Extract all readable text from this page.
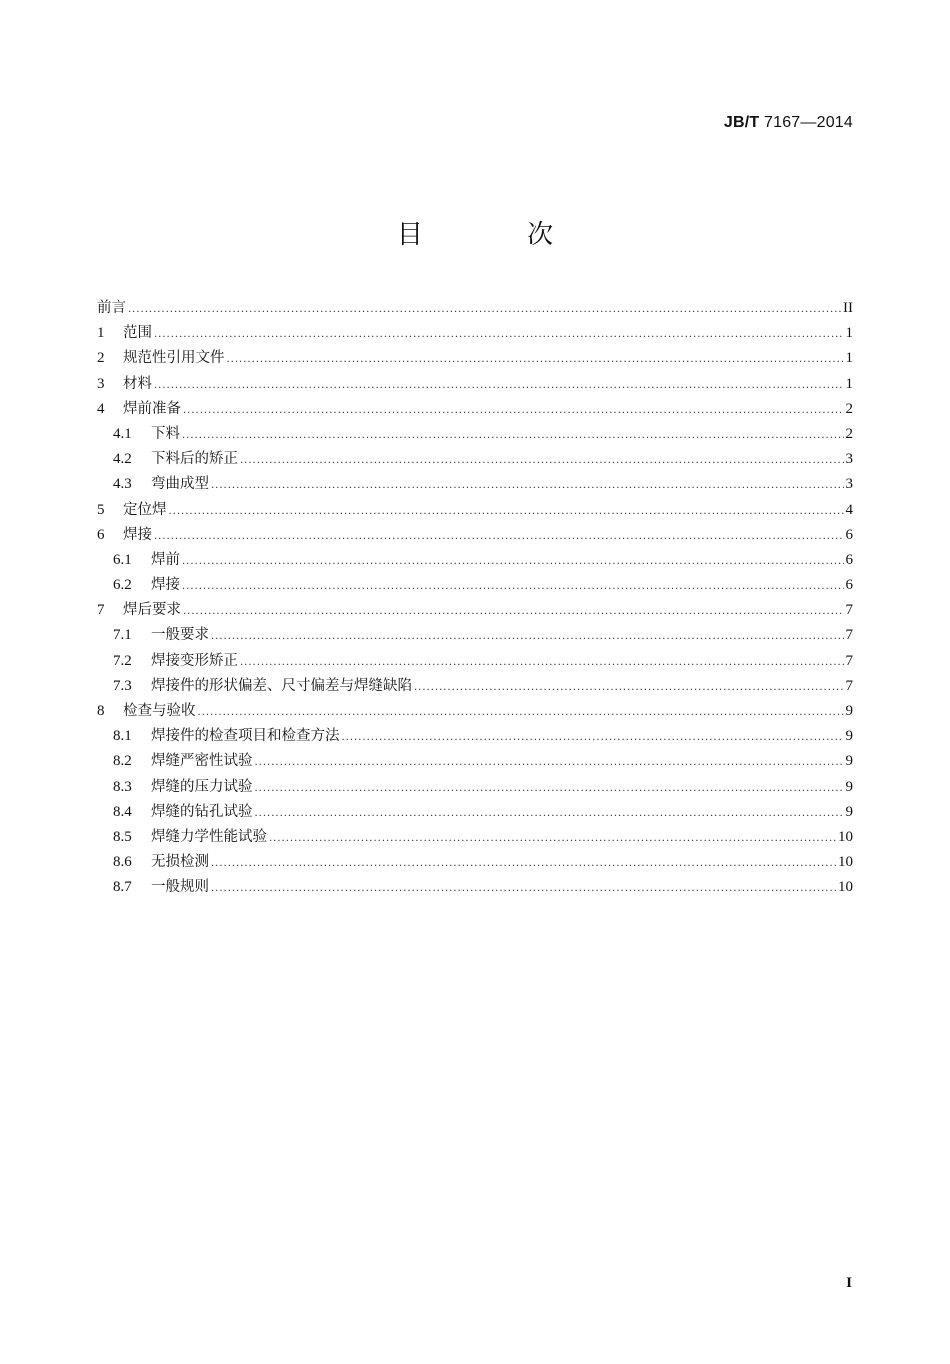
JB/T 7167—2014
目 次
前言 .....	II
1	范围 .....	1
2	规范性引用文件 .....	1
3	材料 .....	1
4	焊前准备 .....	2
4.1	下料 .....	2
4.2	下料后的矫正 .....	3
4.3	弯曲成型 .....	3
5	定位焊 .....	4
6	焊接 .....	6
6.1	焊前 .....	6
6.2	焊接 .....	6
7	焊后要求 .....	7
7.1	一般要求 .....	7
7.2	焊接变形矫正 .....	7
7.3	焊接件的形状偏差、尺寸偏差与焊缝缺陷 .....	7
8	检查与验收 .....	9
8.1	焊接件的检查项目和检查方法 .....	9
8.2	焊缝严密性试验 .....	9
8.3	焊缝的压力试验 .....	9
8.4	焊缝的钻孔试验 .....	9
8.5	焊缝力学性能试验 .....	10
8.6	无损检测 .....	10
8.7	一般规则 .....	10
I
